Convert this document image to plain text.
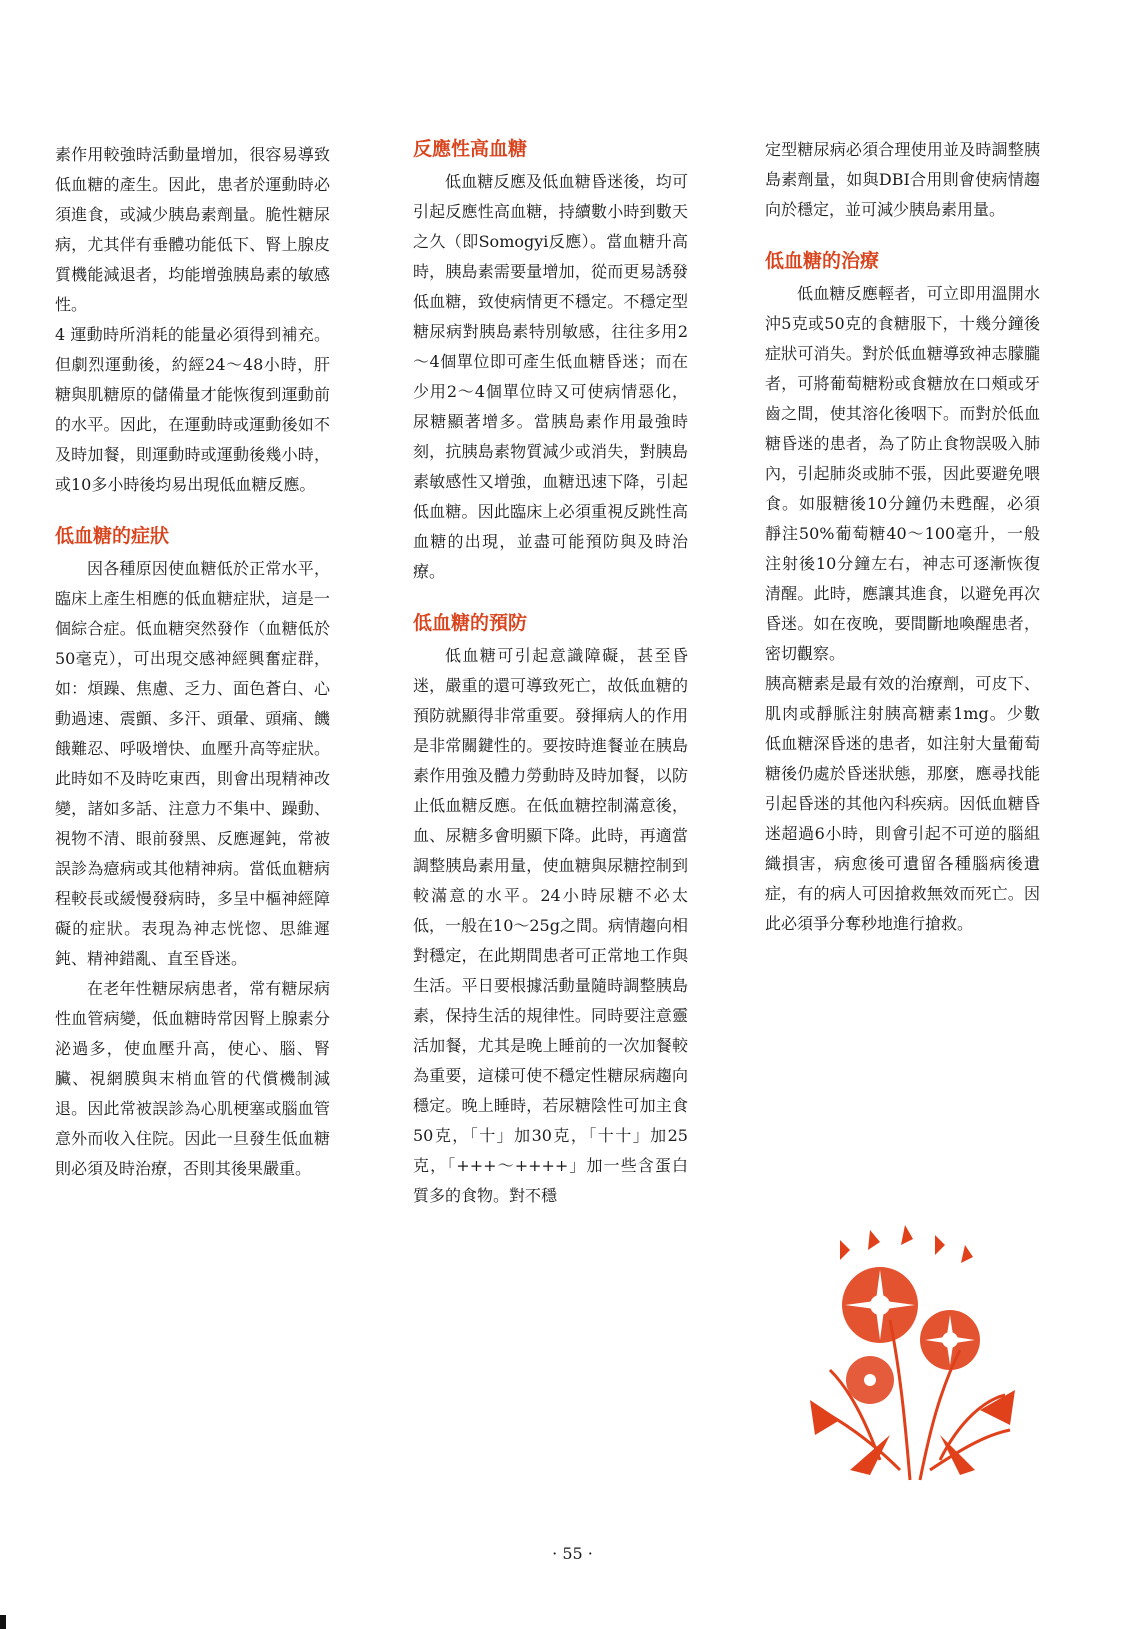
素作用較強時活動量增加，很容易導致低血糖的產生。因此，患者於運動時必須進食，或減少胰島素劑量。脆性糖尿病，尤其伴有垂體功能低下、腎上腺皮質機能減退者，均能增強胰島素的敏感性。

4 運動時所消耗的能量必須得到補充。但劇烈運動後，約經24～48小時，肝糖與肌糖原的儲備量才能恢復到運動前的水平。因此，在運動時或運動後如不及時加餐，則運動時或運動後幾小時，或10多小時後均易出現低血糖反應。

低血糖的症狀

因各種原因使血糖低於正常水平，臨床上產生相應的低血糖症狀，這是一個綜合症。低血糖突然發作（血糖低於50毫克），可出現交感神經興奮症群，如：煩躁、焦慮、乏力、面色蒼白、心動過速、震顫、多汗、頭暈、頭痛、饑餓難忍、呼吸增快、血壓升高等症狀。此時如不及時吃東西，則會出現精神改變，諸如多話、注意力不集中、躁動、視物不清、眼前發黑、反應遲鈍，常被誤診為癔病或其他精神病。當低血糖病程較長或緩慢發病時，多呈中樞神經障礙的症狀。表現為神志恍惚、思維遲鈍、精神錯亂、直至昏迷。

在老年性糖尿病患者，常有糖尿病性血管病變，低血糖時常因腎上腺素分泌過多，使血壓升高，使心、腦、腎臟、視網膜與末梢血管的代償機制減退。因此常被誤診為心肌梗塞或腦血管意外而收入住院。因此一旦發生低血糖則必須及時治療，否則其後果嚴重。

反應性高血糖

低血糖反應及低血糖昏迷後，均可引起反應性高血糖，持續數小時到數天之久（即Somogyi反應）。當血糖升高時，胰島素需要量增加，從而更易誘發低血糖，致使病情更不穩定。不穩定型糖尿病對胰島素特別敏感，往往多用2～4個單位即可產生低血糖昏迷；而在少用2～4個單位時又可使病情惡化，尿糖顯著增多。當胰島素作用最強時刻，抗胰島素物質減少或消失，對胰島素敏感性又增強，血糖迅速下降，引起低血糖。因此臨床上必須重視反跳性高血糖的出現，並盡可能預防與及時治療。

低血糖的預防

低血糖可引起意識障礙，甚至昏迷，嚴重的還可導致死亡，故低血糖的預防就顯得非常重要。發揮病人的作用是非常關鍵性的。要按時進餐並在胰島素作用強及體力勞動時及時加餐，以防止低血糖反應。在低血糖控制滿意後，血、尿糖多會明顯下降。此時，再適當調整胰島素用量，使血糖與尿糖控制到較滿意的水平。24小時尿糖不必太低，一般在10～25g之間。病情趨向相對穩定，在此期間患者可正常地工作與生活。平日要根據活動量隨時調整胰島素，保持生活的規律性。同時要注意靈活加餐，尤其是晚上睡前的一次加餐較為重要，這樣可使不穩定性糖尿病趨向穩定。晚上睡時，若尿糖陰性可加主食50克，「十」加30克，「十十」加25克，「+++〜++++」加一些含蛋白質多的食物。對不穩

定型糖尿病必須合理使用並及時調整胰島素劑量，如與DBI合用則會使病情趨向於穩定，並可減少胰島素用量。

低血糖的治療

低血糖反應輕者，可立即用溫開水沖5克或50克的食糖服下，十幾分鐘後症狀可消失。對於低血糖導致神志朦朧者，可將葡萄糖粉或食糖放在口頰或牙齒之間，使其溶化後咽下。而對於低血糖昏迷的患者，為了防止食物誤吸入肺內，引起肺炎或肺不張，因此要避免喂食。如服糖後10分鐘仍未甦醒，必須靜注50%葡萄糖40～100毫升，一般注射後10分鐘左右，神志可逐漸恢復清醒。此時，應讓其進食，以避免再次昏迷。如在夜晚，要間斷地喚醒患者，密切觀察。

胰高糖素是最有效的治療劑，可皮下、肌肉或靜脈注射胰高糖素1mg。少數低血糖深昏迷的患者，如注射大量葡萄糖後仍處於昏迷狀態，那麼，應尋找能引起昏迷的其他內科疾病。因低血糖昏迷超過6小時，則會引起不可逆的腦組織損害，病愈後可遺留各種腦病後遺症，有的病人可因搶救無效而死亡。因此必須爭分奪秒地進行搶救。

· 55 ·
